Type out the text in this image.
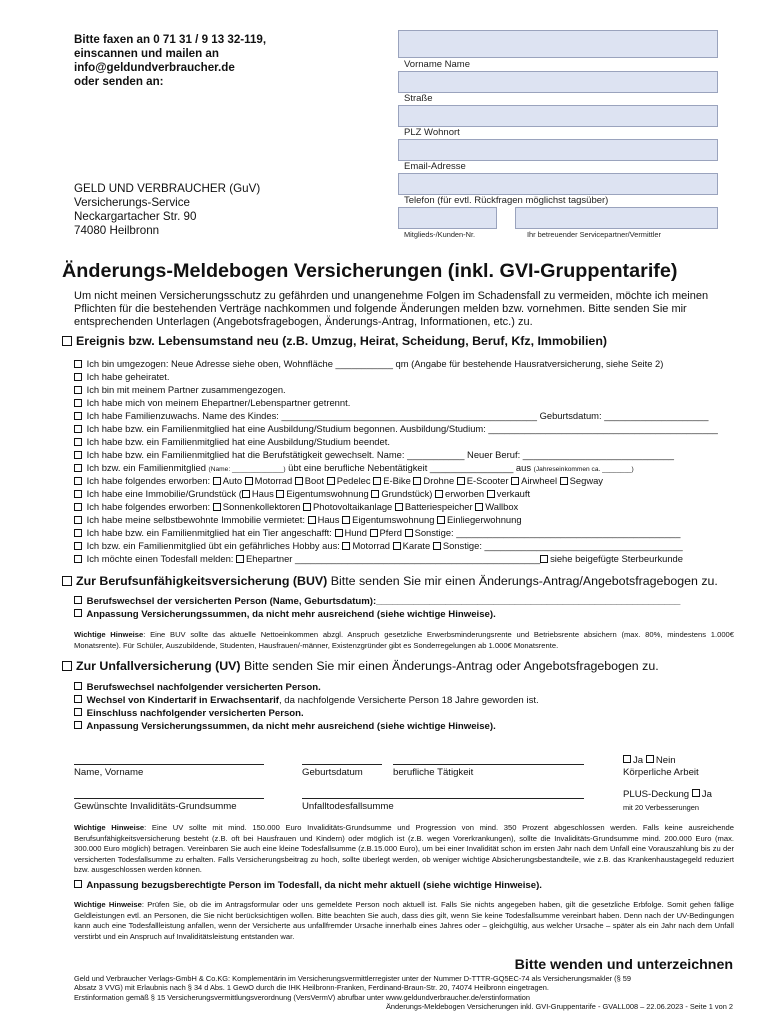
Bitte faxen an 0 71 31 / 9 13 32-119,
einscannen und mailen an
info@geldundverbraucher.de
oder senden an:
GELD UND VERBRAUCHER (GuV)
Versicherungs-Service
Neckargartacher Str. 90
74080 Heilbronn
Vorname Name
Straße
PLZ Wohnort
Email-Adresse
Telefon (für evtl. Rückfragen möglichst tagsüber)
Mitglieds-/Kunden-Nr.	Ihr betreuender Servicepartner/Vermittler
Änderungs-Meldebogen Versicherungen (inkl. GVI-Gruppentarife)
Um nicht meinen Versicherungsschutz zu gefährden und unangenehme Folgen im Schadensfall zu vermeiden, möchte ich meinen Pflichten für die bestehenden Verträge nachkommen und folgende Änderungen melden bzw. vornehmen. Bitte senden Sie mir entsprechenden Unterlagen (Angebotsfragebogen, Änderungs-Antrag, Informationen, etc.) zu.
Ereignis bzw. Lebensumstand neu (z.B. Umzug, Heirat, Scheidung, Beruf, Kfz, Immobilien)
Ich bin umgezogen: Neue Adresse siehe oben, Wohnfläche ___________ qm (Angabe für bestehende Hausratversicherung, siehe Seite 2)
Ich habe geheiratet.
Ich bin mit meinem Partner zusammengezogen.
Ich habe mich von meinem Ehepartner/Lebenspartner getrennt.
Ich habe Familienzuwachs. Name des Kindes: _________________________________________________ Geburtsdatum: ____________________
Ich habe bzw. ein Familienmitglied hat eine Ausbildung/Studium begonnen. Ausbildung/Studium: ____________________________________________
Ich habe bzw. ein Familienmitglied hat eine Ausbildung/Studium beendet.
Ich habe bzw. ein Familienmitglied hat die Berufstätigkeit gewechselt. Name: ___________ Neuer Beruf: _____________________________
Ich bzw. ein Familienmitglied (Name: ______________) übt eine berufliche Nebentätigkeit ________________ aus (Jahreseinkommen ca. ________)
Ich habe folgendes erworben: Auto Motorrad Boot Pedelec E-Bike Drohne E-Scooter Airwheel Segway
Ich habe eine Immobilie/Grundstück ( Haus Eigentumswohnung Grundstück) erworben verkauft
Ich habe folgendes erworben: Sonnenkollektoren Photovoltaikanlage Batteriespeicher Wallbox
Ich habe meine selbstbewohnte Immobilie vermietet: Haus Eigentumswohnung Einliegerwohnung
Ich habe bzw. ein Familienmitglied hat ein Tier angeschafft: Hund Pferd Sonstige: ___________________________________________
Ich bzw. ein Familienmitglied übt ein gefährliches Hobby aus: Motorrad Karate Sonstige: ______________________________________
Ich möchte einen Todesfall melden: Ehepartner _______________________________________________ siehe beigefügte Sterbeurkunde
Zur Berufsunfähigkeitsversicherung (BUV) Bitte senden Sie mir einen Änderungs-Antrag/Angebotsfragebogen zu.
Berufswechsel der versicherten Person (Name, Geburtsdatum):_________________________________________________________
Anpassung Versicherungssummen, da nicht mehr ausreichend (siehe wichtige Hinweise).
Wichtige Hinweise: Eine BUV sollte das aktuelle Nettoeinkommen abzgl. Anspruch gesetzliche Erwerbsminderungsrente und Betriebsrente absichern (max. 80%, mindestens 1.000€ Monatsrente). Für Schüler, Auszubildende, Studenten, Hausfrauen/-männer, Existenzgründer gibt es Sonderregelungen ab 1.000€ Monatsrente.
Zur Unfallversicherung (UV) Bitte senden Sie mir einen Änderungs-Antrag oder Angebotsfragebogen zu.
Berufswechsel nachfolgender versicherten Person.
Wechsel von Kindertarif in Erwachsentarif, da nachfolgende Versicherte Person 18 Jahre geworden ist.
Einschluss nachfolgender versicherten Person.
Anpassung Versicherungssummen, da nicht mehr ausreichend (siehe wichtige Hinweise).
Name, Vorname	Geburtsdatum	berufliche Tätigkeit
Ja Nein
Körperliche Arbeit
Gewünschte Invaliditäts-Grundsumme	Unfalltodesfallsumme
PLUS-Deckung Ja
mit 20 Verbesserungen
Wichtige Hinweise: Eine UV sollte mit mind. 150.000 Euro Invaliditäts-Grundsumme und Progression von mind. 350 Prozent abgeschlossen werden. Falls keine ausreichende Berufsunfähigkeitsversicherung besteht (z.B. oft bei Hausfrauen und Kindern) oder möglich ist (z.B. wegen Vorerkrankungen), sollte die Invaliditäts-Grundsumme mind. 200.000 Euro (max. 300.000 Euro möglich) betragen. Vereinbaren Sie auch eine kleine Todesfallsumme (z.B.15.000 Euro), um bei einer Invalidität schon im ersten Jahr nach dem Unfall eine Vorauszahlung bis zu der versicherten Todesfallsumme zu erhalten. Falls Versicherungsbeitrag zu hoch, sollte überlegt werden, ob weniger wichtige Absicherungsbestandteile, wie z.B. das Krankenhaustagegeld reduziert bzw. ausgeschlossen werden können.
Anpassung bezugsberechtigte Person im Todesfall, da nicht mehr aktuell (siehe wichtige Hinweise).
Wichtige Hinweise: Prüfen Sie, ob die im Antragsformular oder uns gemeldete Person noch aktuell ist. Falls Sie nichts angegeben haben, gilt die gesetzliche Erbfolge. Somit gehen fällige Geldleistungen evtl. an Personen, die Sie nicht berücksichtigen wollen. Bitte beachten Sie auch, dass dies gilt, wenn Sie keine Todesfallsumme vereinbart haben. Denn nach der UV-Bedingungen kann auch eine Todesfallleistung anfallen, wenn der Versicherte aus unfallfremder Ursache innerhalb eines Jahres oder – gleichgültig, aus welcher Ursache – später als ein Jahr nach dem Unfall verstirbt und ein Anspruch auf Invaliditätsleistung entstanden war.
Bitte wenden und unterzeichnen
Geld und Verbraucher Verlags-GmbH & Co.KG: Komplementärin im Versicherungsvermittlerregister unter der Nummer D-TTTR-GQ5EC-74 als Versicherungsmakler (§ 59
Absatz 3 VVG) mit Erlaubnis nach § 34 d Abs. 1 GewO durch die IHK Heilbronn-Franken, Ferdinand-Braun-Str. 20, 74074 Heilbronn eingetragen.
Erstinformation gemäß § 15 Versicherungsvermittlungsverordnung (VersVermV) abrufbar unter www.geldundverbraucher.de/erstinformation
Änderungs-Meldebogen Versicherungen inkl. GVI-Gruppentarife - GVALL008 – 22.06.2023 - Seite 1 von 2
